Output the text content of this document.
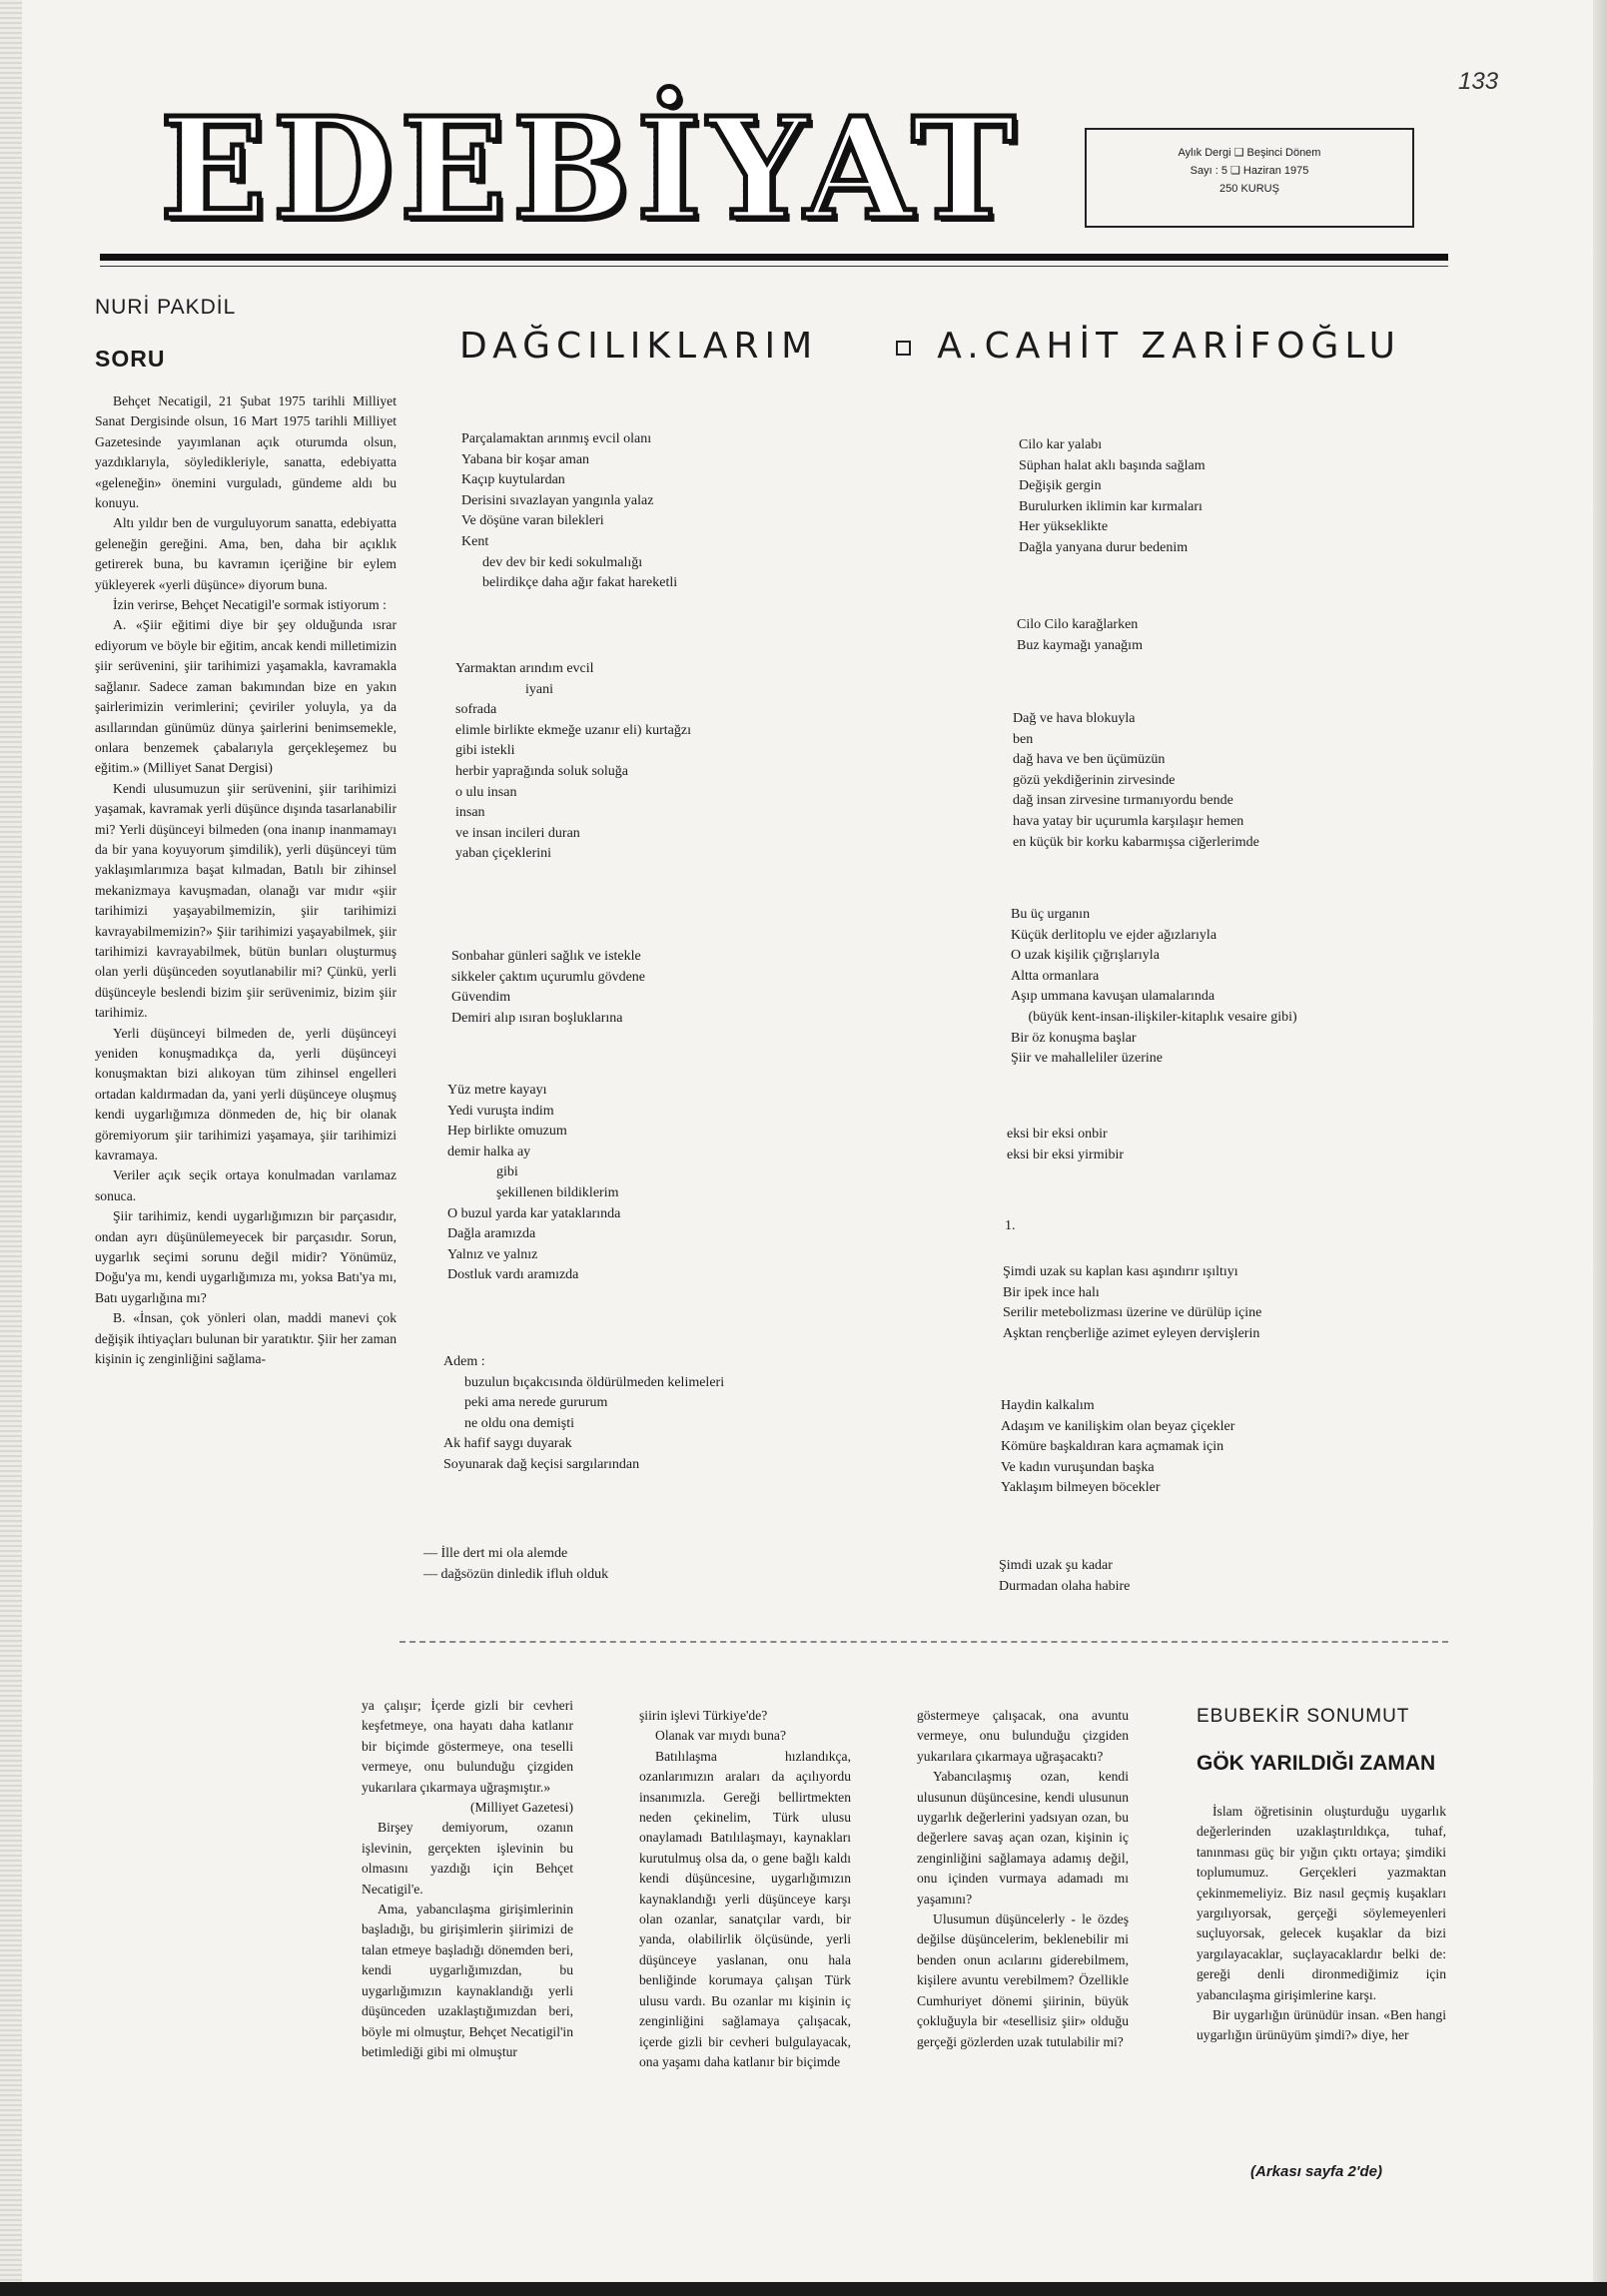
133
EDEBİYAT	Aylık Dergi ❑ Beşinci Dönem
Sayı : 5 ❑ Haziran 1975
250 KURUŞ
NURİ PAKDİL
SORU	DAĞCILIKLARIM	A.CAHİT ZARİFOĞLU

Behçet Necatigil, 21 Şubat 1975 tarihli Milliyet Sanat Dergisinde olsun, 16 Mart 1975 tarihli Milliyet Gazetesinde yayımlanan açık oturumda olsun, yazdıklarıyla, söyledikleriyle, sanatta, edebiyatta «geleneğin» önemini vurguladı, gündeme aldı bu konuyu.

Altı yıldır ben de vurguluyorum sanatta, edebiyatta geleneğin gereğini. Ama, ben, daha bir açıklık getirerek buna, bu kavramın içeriğine bir eylem yükleyerek «yerli düşünce» diyorum buna.

İzin verirse, Behçet Necatigil'e sormak istiyorum :

A. «Şiir eğitimi diye bir şey olduğunda ısrar ediyorum ve böyle bir eğitim, ancak kendi milletimizin şiir serüvenini, şiir tarihimizi yaşamakla, kavramakla sağlanır. Sadece zaman bakımından bize en yakın şairlerimizin verimlerini; çeviriler yoluyla, ya da asıllarından günümüz dünya şairlerini benimsemekle, onlara benzemek çabalarıyla gerçekleşemez bu eğitim.» (Milliyet Sanat Dergisi)

Kendi ulusumuzun şiir serüvenini, şiir tarihimizi yaşamak, kavramak yerli düşünce dışında tasarlanabilir mi? Yerli düşünceyi bilmeden (ona inanıp inanmamayı da bir yana koyuyorum şimdilik), yerli düşünceyi tüm yaklaşımlarımıza başat kılmadan, Batılı bir zihinsel mekanizmaya kavuşmadan, olanağı var mıdır «şiir tarihimizi yaşayabilmemizin, şiir tarihimizi kavrayabilmemizin?» Şiir tarihimizi yaşayabilmek, şiir tarihimizi kavrayabilmek, bütün bunları oluşturmuş olan yerli düşünceden soyutlanabilir mi? Çünkü, yerli düşünceyle beslendi bizim şiir serüvenimiz, bizim şiir tarihimiz.

Yerli düşünceyi bilmeden de, yerli düşünceyi yeniden konuşmadıkça da, yerli düşünceyi konuşmaktan bizi alıkoyan tüm zihinsel engelleri ortadan kaldırmadan da, yani yerli düşünceye oluşmuş kendi uygarlığımıza dönmeden de, hiç bir olanak göremiyorum şiir tarihimizi yaşamaya, şiir tarihimizi kavramaya.

Veriler açık seçik ortaya konulmadan varılamaz sonuca.

Şiir tarihimiz, kendi uygarlığımızın bir parçasıdır, ondan ayrı düşünülemeyecek bir parçasıdır. Sorun, uygarlık seçimi sorunu değil midir? Yönümüz, Doğu'ya mı, kendi uygarlığımıza mı, yoksa Batı'ya mı, Batı uygarlığına mı?

B. «İnsan, çok yönleri olan, maddi manevi çok değişik ihtiyaçları bulunan bir yaratıktır. Şiir her zaman kişinin iç zenginliğini sağlama-

Parçalamaktan arınmış evcil olanı
Yabana bir koşar aman
Kaçıp kuytulardan
Derisini sıvazlayan yangınla yalaz
Ve döşüne varan bilekleri
Kent
dev dev bir kedi sokulmalığı
belirdikçe daha ağır fakat hareketli
Yarmaktan arındım evcil
iyani
sofrada
elimle birlikte ekmeğe uzanır eli) kurtağzı
gibi istekli
herbir yaprağında soluk soluğa
o ulu insan
insan
ve insan incileri duran
yaban çiçeklerini
Sonbahar günleri sağlık ve istekle
sikkeler çaktım uçurumlu gövdene
Güvendim
Demiri alıp ısıran boşluklarına
Yüz metre kayayı
Yedi vuruşta indim
Hep birlikte omuzum
demir halka ay
gibi
şekillenen bildiklerim
O buzul yarda kar yataklarında
Dağla aramızda
Yalnız ve yalnız
Dostluk vardı aramızda
Adem :
buzulun bıçakcısında öldürülmeden kelimeleri
peki ama nerede gururum
ne oldu ona demişti
Ak hafif saygı duyarak
Soyunarak dağ keçisi sargılarından
— İlle dert mi ola alemde
— dağsözün dinledik ifluh olduk
Cilo kar yalabı
Süphan halat aklı başında sağlam
Değişik gergin
Burulurken iklimin kar kırmaları
Her yükseklikte
Dağla yanyana durur bedenim
Cilo Cilo karağlarken
Buz kaymağı yanağım
Dağ ve hava blokuyla
ben
dağ hava ve ben üçümüzün
gözü yekdiğerinin zirvesinde
dağ insan zirvesine tırmanıyordu bende
hava yatay bir uçurumla karşılaşır hemen
en küçük bir korku kabarmışsa ciğerlerimde
Bu üç urganın
Küçük derlitoplu ve ejder ağızlarıyla
O uzak kişilik çığrışlarıyla
Altta ormanlara
Aşıp ummana kavuşan ulamalarında
(büyük kent-insan-ilişkiler-kitaplık vesaire gibi)
Bir öz konuşma başlar
Şiir ve mahalleliler üzerine
eksi bir eksi onbir
eksi bir eksi yirmibir
1.
Şimdi uzak su kaplan kası aşındırır ışıltıyı
Bir ipek ince halı
Serilir metebolizması üzerine ve dürülüp içine
Aşktan rençberliğe azimet eyleyen dervişlerin
Haydin kalkalım
Adaşım ve kanilişkim olan beyaz çiçekler
Kömüre başkaldıran kara açmamak için
Ve kadın vuruşundan başka
Yaklaşım bilmeyen böcekler
Şimdi uzak şu kadar
Durmadan olaha habire

ya çalışır; İçerde gizli bir cevheri keşfetmeye, ona hayatı daha katlanır bir biçimde göstermeye, ona teselli vermeye, onu bulunduğu çizgiden yukarılara çıkarmaya uğraşmıştır.»

(Milliyet Gazetesi)

Birşey demiyorum, ozanın işlevinin, gerçekten işlevinin bu olmasını yazdığı için Behçet Necatigil'e.

Ama, yabancılaşma girişimlerinin başladığı, bu girişimlerin şiirimizi de talan etmeye başladığı dönemden beri, kendi uygarlığımızdan, bu uygarlığımızın kaynaklandığı yerli düşünceden uzaklaştığımızdan beri, böyle mi olmuştur, Behçet Necatigil'in betimlediği gibi mi olmuştur

şiirin işlevi Türkiye'de?

Olanak var mıydı buna?

Batılılaşma hızlandıkça, ozanlarımızın araları da açılıyordu insanımızla. Gereği bellirtmekten neden çekinelim, Türk ulusu onaylamadı Batılılaşmayı, kaynakları kurutulmuş olsa da, o gene bağlı kaldı kendi düşüncesine, uygarlığımızın kaynaklandığı yerli düşünceye karşı olan ozanlar, sanatçılar vardı, bir yanda, olabilirlik ölçüsünde, yerli düşünceye yaslanan, onu hala benliğinde korumaya çalışan Türk ulusu vardı. Bu ozanlar mı kişinin iç zenginliğini sağlamaya çalışacak, içerde gizli bir cevheri bulgulayacak, ona yaşamı daha katlanır bir biçimde

göstermeye çalışacak, ona avuntu vermeye, onu bulunduğu çizgiden yukarılara çıkarmaya uğraşacaktı?

Yabancılaşmış ozan, kendi ulusunun düşüncesine, kendi ulusunun uygarlık değerlerini yadsıyan ozan, bu değerlere savaş açan ozan, kişinin iç zenginliğini sağlamaya adamış değil, onu içinden vurmaya adamadı mı yaşamını?

Ulusumun düşüncelerly - le özdeş değilse düşüncelerim, beklenebilir mi benden onun acılarını giderebilmem, kişilere avuntu verebilmem? Özellikle Cumhuriyet dönemi şiirinin, büyük çokluğuyla bir «tesellisiz şiir» olduğu gerçeği gözlerden uzak tutulabilir mi?

EBUBEKİR SONUMUT
GÖK YARILDIĞI ZAMAN

İslam öğretisinin oluşturduğu uygarlık değerlerinden uzaklaştırıldıkça, tuhaf, tanınması güç bir yığın çıktı ortaya; şimdiki toplumumuz. Gerçekleri yazmaktan çekinmemeliyiz. Biz nasıl geçmiş kuşakları yargılıyorsak, gerçeği söylemeyenleri suçluyorsak, gelecek kuşaklar da bizi yargılayacaklar, suçlayacaklardır belki de: gereği denli dironmediğimiz için yabancılaşma girişimlerine karşı.

Bir uygarlığın ürünüdür insan. «Ben hangi uygarlığın ürünüyüm şimdi?» diye, her

(Arkası sayfa 2'de)
